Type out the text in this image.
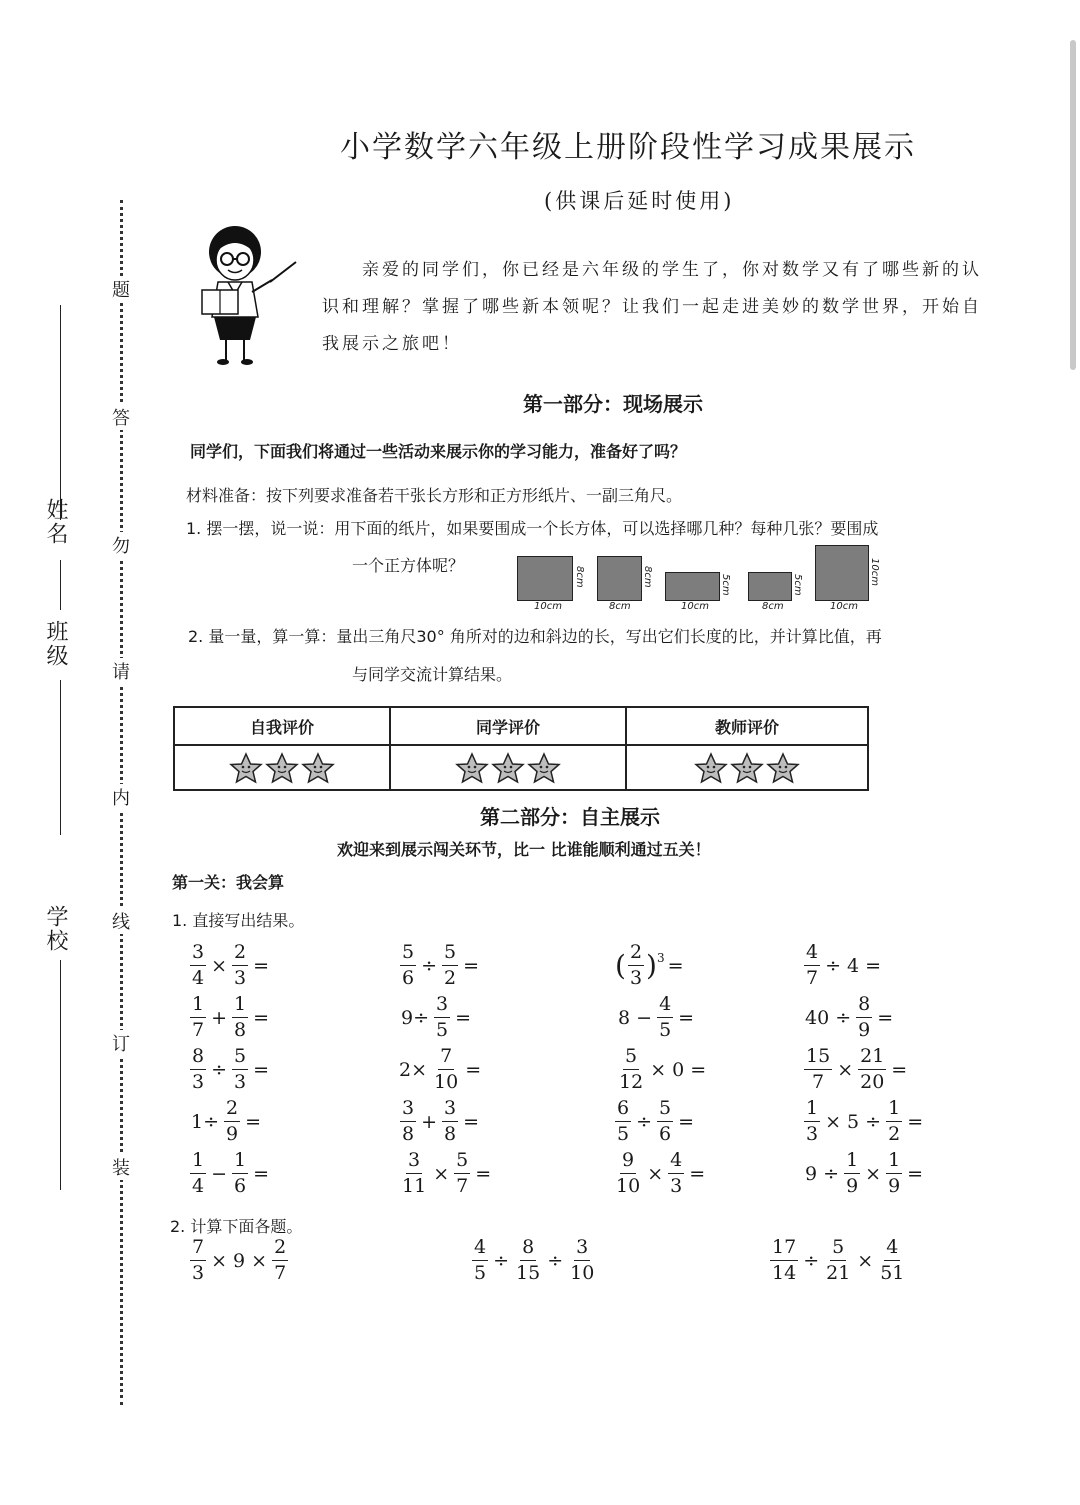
姓名
班级
学校
题
答
勿
请
内
线
订
装
小学数学六年级上册阶段性学习成果展示
(供课后延时使用)
亲爱的同学们，你已经是六年级的学生了，你对数学又有了哪些新的认识和理解？掌握了哪些新本领呢？让我们一起走进美妙的数学世界，开始自我展示之旅吧！
第一部分：现场展示
同学们，下面我们将通过一些活动来展示你的学习能力，准备好了吗？
材料准备：按下列要求准备若干张长方形和正方形纸片、一副三角尺。
1. 摆一摆，说一说：用下面的纸片，如果要围成一个长方体，可以选择哪几种？每种几张？要围成
一个正方体呢？
10cm
8cm
8cm
8cm
10cm
5cm
8cm
5cm
10cm
10cm
2. 量一量，算一算：量出三角尺30° 角所对的边和斜边的长，写出它们长度的比，并计算比值，再
与同学交流计算结果。
自我评价	同学评价	教师评价

第二部分：自主展示
欢迎来到展示闯关环节，比一 比谁能顺利通过五关！
第一关：我会算
1. 直接写出结果。
$\frac{3}{4} \times \frac{2}{3}$ =	$\frac{5}{6} \div \frac{5}{2}$ =	( $\frac{2}{3}$ ) 3 =	$\frac{4}{7} \div 4$ =
$\frac{1}{7} + \frac{1}{8}$ =	$9\div \frac{3}{5}$ =	$8 - \frac{4}{5}$ =	$40 \div \frac{8}{9}$ =
$\frac{8}{3} \div \frac{5}{3}$ =	$2\times \frac{7}{10}$ =	$\frac{5}{12} \times 0$ =	$\frac{15}{7} \times \frac{21}{20}$ =
$1\div \frac{2}{9}$ =	$\frac{3}{8} + \frac{3}{8}$ =	$\frac{6}{5} \div \frac{5}{6}$ =	$\frac{1}{3} \times 5 \div \frac{1}{2}$ =
$\frac{1}{4} - \frac{1}{6}$ =	$\frac{3}{11} \times \frac{5}{7}$ =	$\frac{9}{10} \times \frac{4}{3}$ =	$9 \div \frac{1}{9} \times \frac{1}{9}$ =
2. 计算下面各题。
$\frac{7}{3} \times 9 \times \frac{2}{7}$	$\frac{4}{5} \div \frac{8}{15} \div \frac{3}{10}$	$\frac{17}{14} \div \frac{5}{21} \times \frac{4}{51}$
